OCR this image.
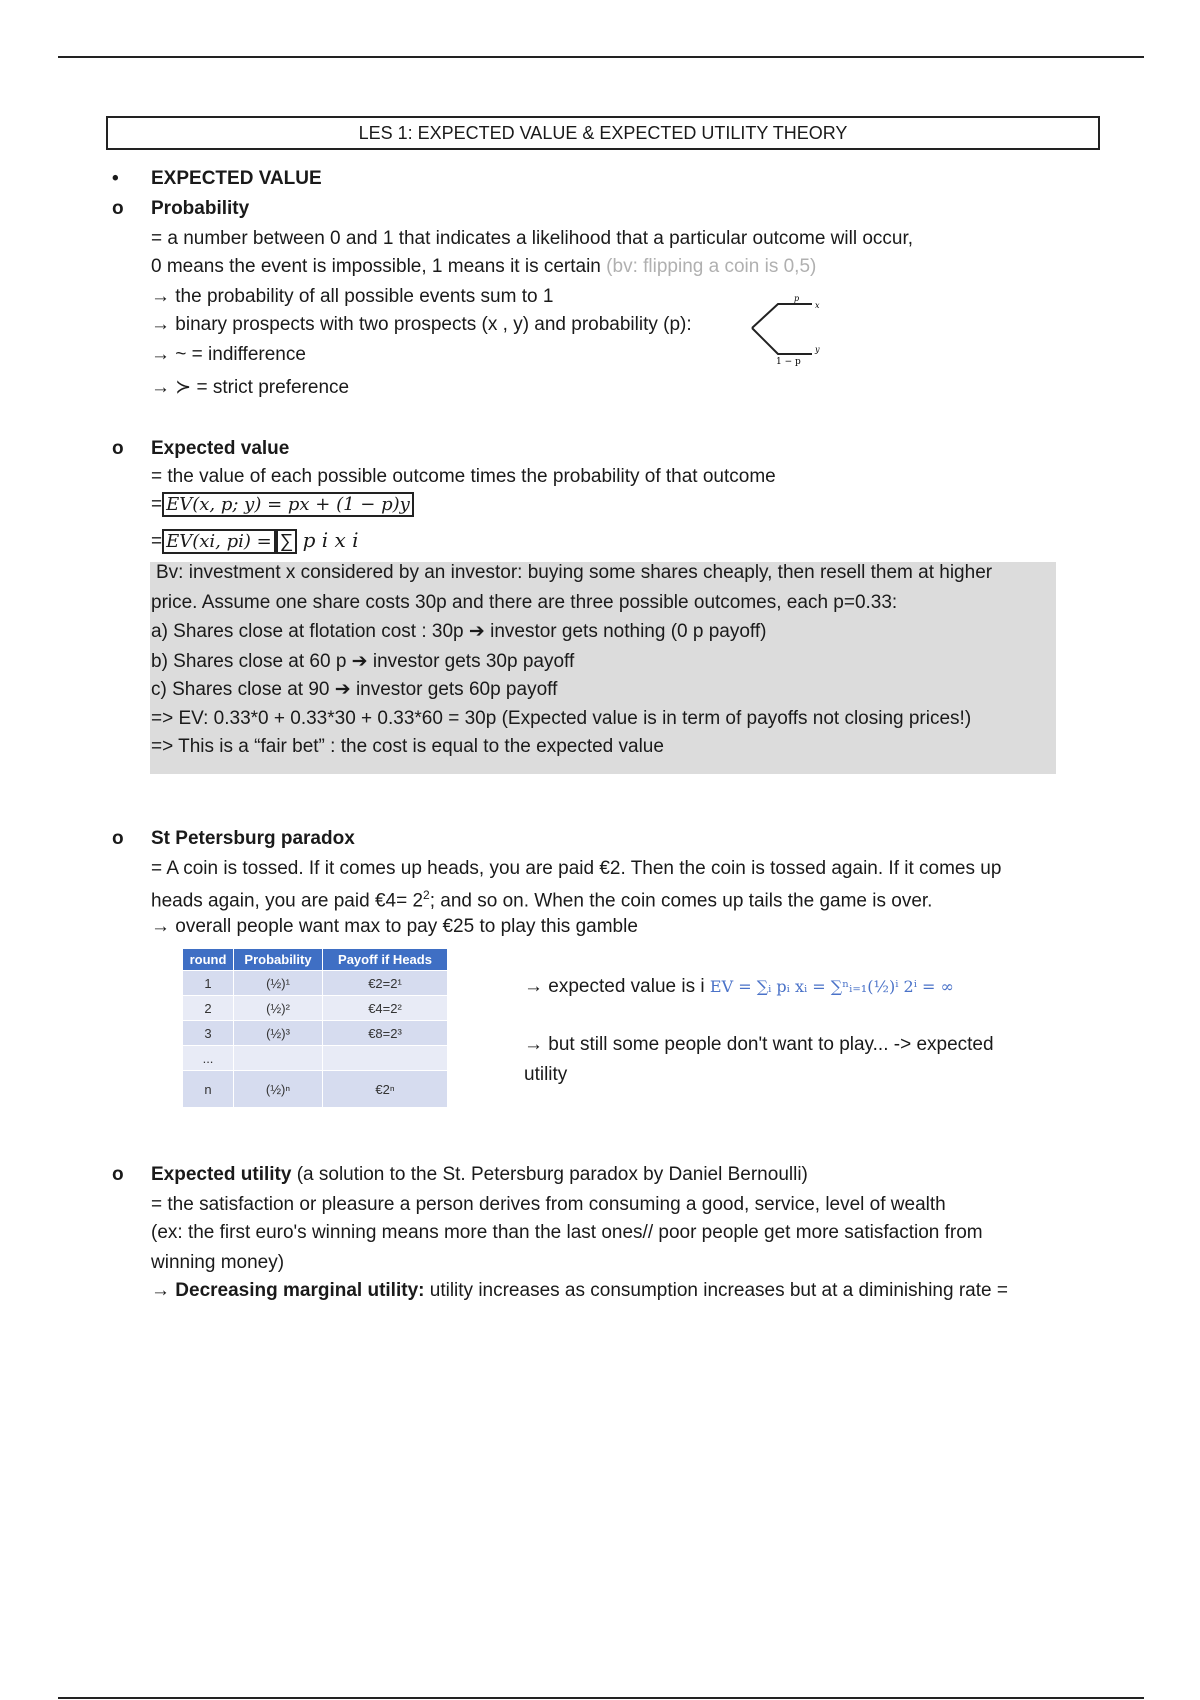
LES 1: EXPECTED VALUE & EXPECTED UTILITY THEORY
• EXPECTED VALUE
o Probability
= a number between 0 and 1 that indicates a likelihood that a particular outcome will occur,
0 means the event is impossible, 1 means it is certain (bv: flipping a coin is 0,5)
→ the probability of all possible events sum to 1
→ binary prospects with two prospects (x , y) and probability (p):
→ ~ = indifference
→ ≻ = strict preference
p
x
1 − p
y
o Expected value
= the value of each possible outcome times the probability of that outcome
= EV(x, p; y) = px + (1 − p)y
= EV(xi, pi) = ∑ p i x i
Bv: investment x considered by an investor: buying some shares cheaply, then resell them at higher
price. Assume one share costs 30p and there are three possible outcomes, each p=0.33:
a) Shares close at flotation cost : 30p ➔ investor gets nothing (0 p payoff)
b) Shares close at 60 p ➔ investor gets 30p payoff
c) Shares close at 90 ➔ investor gets 60p payoff
=> EV: 0.33*0 + 0.33*30 + 0.33*60 = 30p (Expected value is in term of payoffs not closing prices!)
=> This is a “fair bet” : the cost is equal to the expected value
o St Petersburg paradox
= A coin is tossed. If it comes up heads, you are paid €2. Then the coin is tossed again. If it comes up
heads again, you are paid €4= $2^2$; and so on. When the coin comes up tails the game is over.
→ overall people want max to pay €25 to play this gamble
round	Probability	Payoff if Heads
1	(½)¹	€2=2¹
2	(½)²	€4=2²
3	(½)³	€8=2³
...		
n	(½)ⁿ	€2ⁿ
→ expected value is i EV = ∑ᵢ pᵢ xᵢ = ∑ⁿᵢ₌₁(½)ⁱ 2ⁱ = ∞
→ but still some people don't want to play... -> expected
utility
o Expected utility (a solution to the St. Petersburg paradox by Daniel Bernoulli)
= the satisfaction or pleasure a person derives from consuming a good, service, level of wealth
(ex: the first euro's winning means more than the last ones// poor people get more satisfaction from
winning money)
→ Decreasing marginal utility: utility increases as consumption increases but at a diminishing rate =
